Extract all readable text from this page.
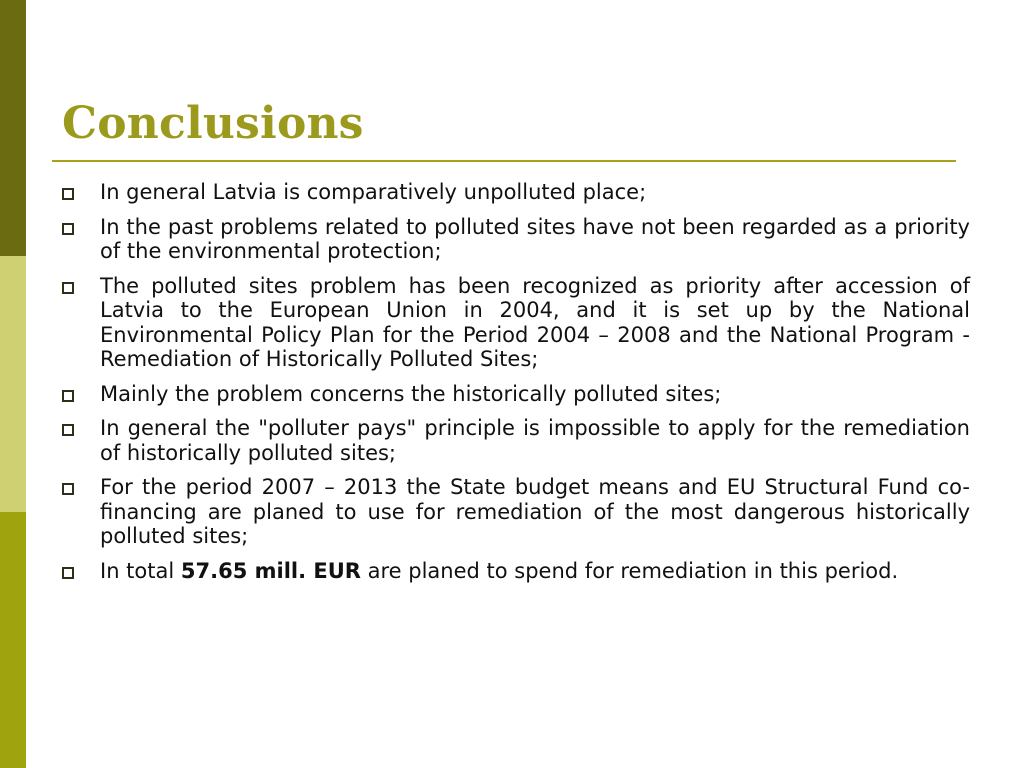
Conclusions
In general Latvia is comparatively unpolluted place;
In the past problems related to polluted sites have not been regarded as a priority of the environmental protection;
The polluted sites problem has been recognized as priority after accession of Latvia to the European Union in 2004, and it is set up by the National Environmental Policy Plan for the Period 2004 – 2008 and the National Program - Remediation of Historically Polluted Sites;
Mainly the problem concerns the historically polluted sites;
In general the "polluter pays" principle is impossible to apply for the remediation of historically polluted sites;
For the period 2007 – 2013 the State budget means and EU Structural Fund co-financing are planed to use for remediation of the most dangerous historically polluted sites;
In total 57.65 mill. EUR are planed to spend for remediation in this period.
